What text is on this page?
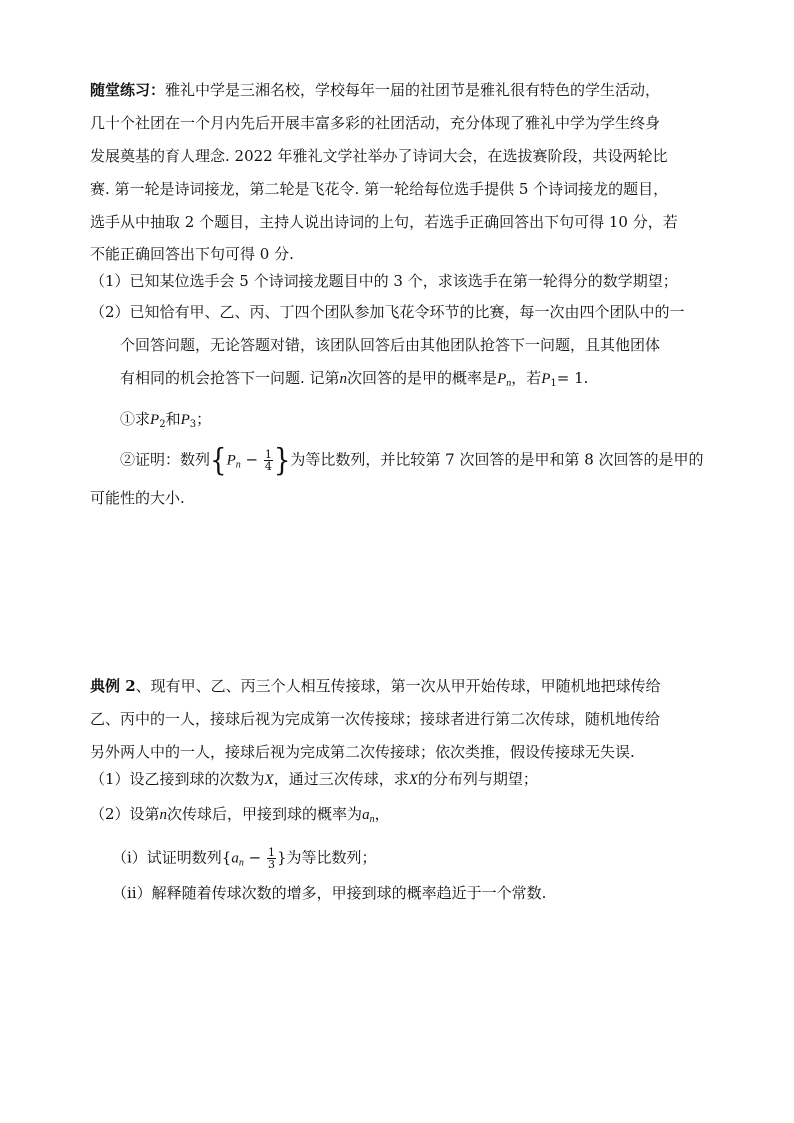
随堂练习：雅礼中学是三湘名校，学校每年一届的社团节是雅礼很有特色的学生活动，
几十个社团在一个月内先后开展丰富多彩的社团活动，充分体现了雅礼中学为学生终身
发展奠基的育人理念. 2022 年雅礼文学社举办了诗词大会，在选拔赛阶段，共设两轮比
赛. 第一轮是诗词接龙，第二轮是飞花令. 第一轮给每位选手提供 5 个诗词接龙的题目，
选手从中抽取 2 个题目，主持人说出诗词的上句，若选手正确回答出下句可得 10 分，若
不能正确回答出下句可得 0 分.
（1）已知某位选手会 5 个诗词接龙题目中的 3 个，求该选手在第一轮得分的数学期望；
（2）已知恰有甲、乙、丙、丁四个团队参加飞花令环节的比赛，每一次由四个团队中的一
个回答问题，无论答题对错，该团队回答后由其他团队抢答下一问题，且其他团体
有相同的机会抢答下一问题. 记第n次回答的是甲的概率是$P_n$，若$P_1= 1$.
①求$P_2$和$P_3$；
②证明：数列{$P_n - \frac{1}{4}$ }为等比数列，并比较第 7 次回答的是甲和第 8 次回答的是甲的
可能性的大小.
典例 2、现有甲、乙、丙三个人相互传接球，第一次从甲开始传球，甲随机地把球传给
乙、丙中的一人，接球后视为完成第一次传接球；接球者进行第二次传球，随机地传给
另外两人中的一人，接球后视为完成第二次传接球；依次类推，假设传接球无失误.
（1）设乙接到球的次数为X，通过三次传球，求X的分布列与期望；
（2）设第n次传球后，甲接到球的概率为$a_n$，
（i）试证明数列{$a_n - \frac{1}{3}$ }为等比数列；
（ii）解释随着传球次数的增多，甲接到球的概率趋近于一个常数.
